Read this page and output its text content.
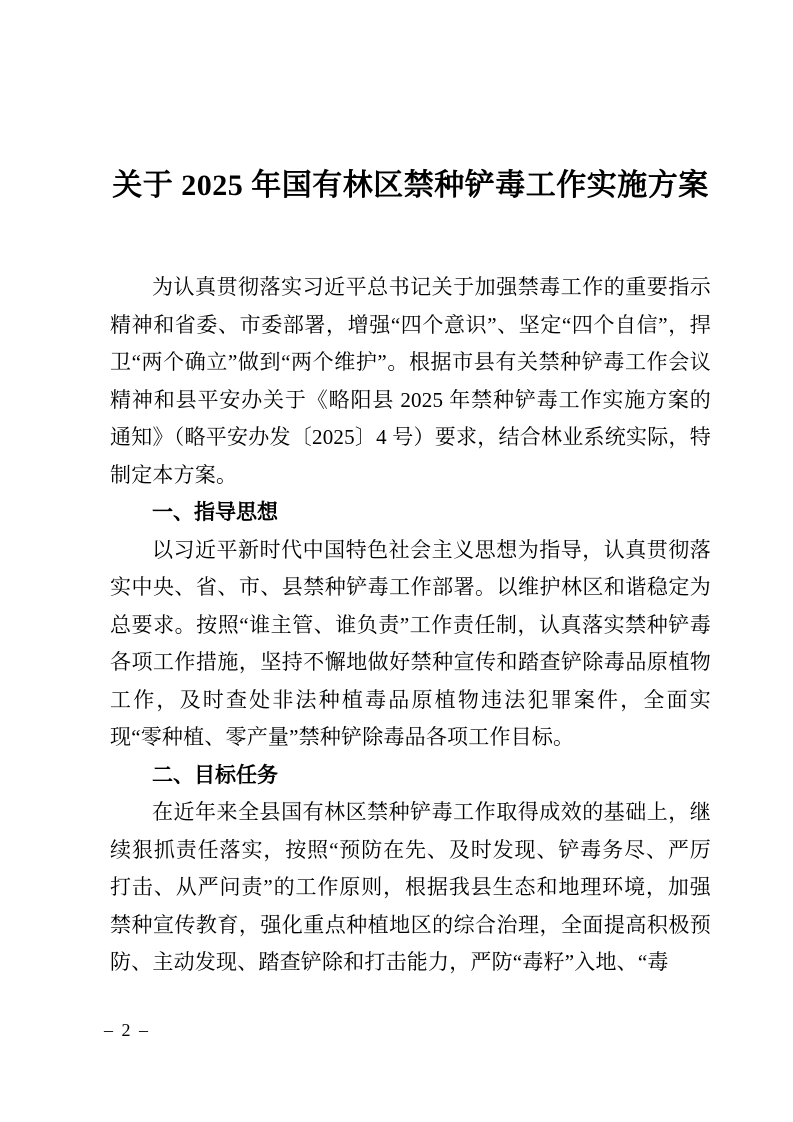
关于 2025 年国有林区禁种铲毒工作实施方案

为认真贯彻落实习近平总书记关于加强禁毒工作的重要指示精神和省委、市委部署，增强“四个意识”、坚定“四个自信”，捍卫“两个确立”做到“两个维护”。根据市县有关禁种铲毒工作会议精神和县平安办关于《略阳县 2025 年禁种铲毒工作实施方案的通知》（略平安办发〔2025〕4 号）要求，结合林业系统实际，特制定本方案。

一、指导思想

以习近平新时代中国特色社会主义思想为指导，认真贯彻落实中央、省、市、县禁种铲毒工作部署。以维护林区和谐稳定为总要求。按照“谁主管、谁负责”工作责任制，认真落实禁种铲毒各项工作措施，坚持不懈地做好禁种宣传和踏查铲除毒品原植物工作，及时查处非法种植毒品原植物违法犯罪案件，全面实现“零种植、零产量”禁种铲除毒品各项工作目标。

二、目标任务

在近年来全县国有林区禁种铲毒工作取得成效的基础上，继续狠抓责任落实，按照“预防在先、及时发现、铲毒务尽、严厉打击、从严问责”的工作原则，根据我县生态和地理环境，加强禁种宣传教育，强化重点种植地区的综合治理，全面提高积极预防、主动发现、踏查铲除和打击能力，严防“毒籽”入地、“毒

– 2 –
